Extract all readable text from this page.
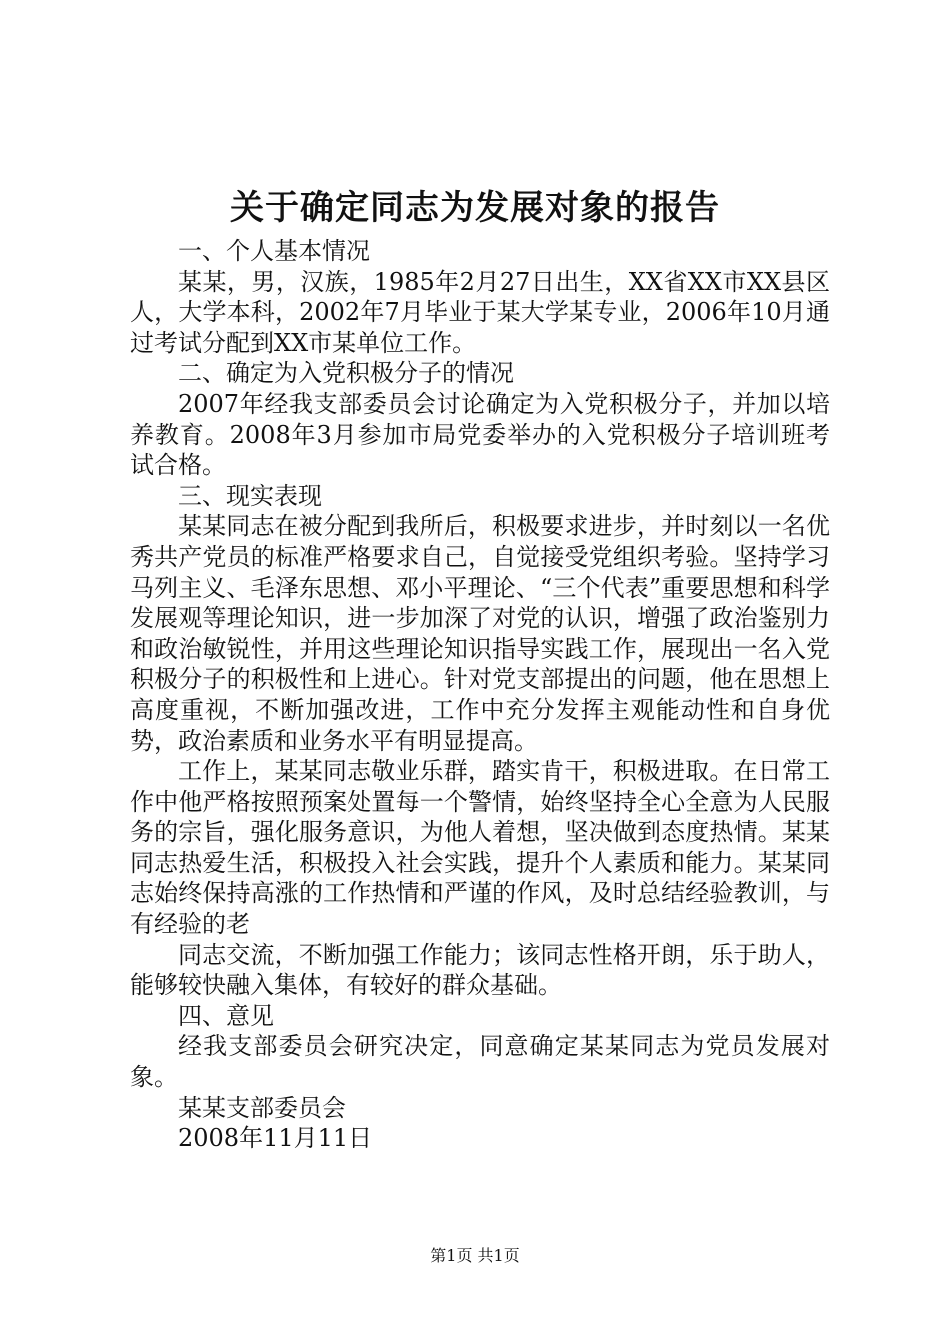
关于确定同志为发展对象的报告

一、个人基本情况

某某，男，汉族，1985年2月27日出生，XX省XX市XX县区人，大学本科，2002年7月毕业于某大学某专业，2006年10月通过考试分配到XX市某单位工作。

二、确定为入党积极分子的情况

2007年经我支部委员会讨论确定为入党积极分子，并加以培养教育。2008年3月参加市局党委举办的入党积极分子培训班考试合格。

三、现实表现

某某同志在被分配到我所后，积极要求进步，并时刻以一名优秀共产党员的标准严格要求自己，自觉接受党组织考验。坚持学习马列主义、毛泽东思想、邓小平理论、“三个代表”重要思想和科学发展观等理论知识，进一步加深了对党的认识，增强了政治鉴别力和政治敏锐性，并用这些理论知识指导实践工作，展现出一名入党积极分子的积极性和上进心。针对党支部提出的问题，他在思想上高度重视，不断加强改进，工作中充分发挥主观能动性和自身优势，政治素质和业务水平有明显提高。

工作上，某某同志敬业乐群，踏实肯干，积极进取。在日常工作中他严格按照预案处置每一个警情，始终坚持全心全意为人民服务的宗旨，强化服务意识，为他人着想，坚决做到态度热情。某某同志热爱生活，积极投入社会实践，提升个人素质和能力。某某同志始终保持高涨的工作热情和严谨的作风，及时总结经验教训，与有经验的老

同志交流，不断加强工作能力；该同志性格开朗，乐于助人，能够较快融入集体，有较好的群众基础。

四、意见

经我支部委员会研究决定，同意确定某某同志为党员发展对象。

某某支部委员会

2008年11月11日

第1页 共1页
